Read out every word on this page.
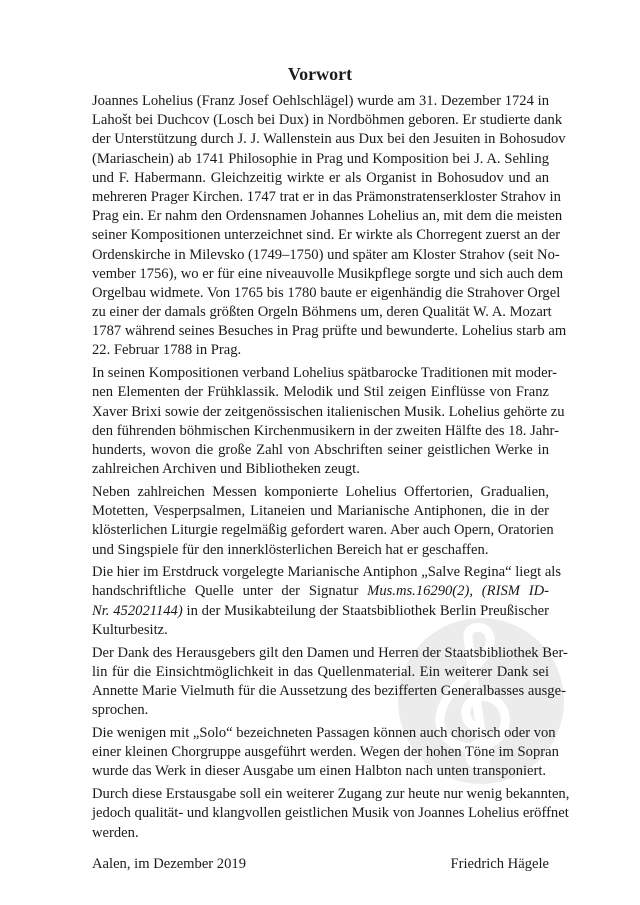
Vorwort
Joannes Lohelius (Franz Josef Oehlschlägel) wurde am 31. Dezember 1724 in
Lahošt bei Duchcov (Losch bei Dux) in Nordböhmen geboren. Er studierte dank
der Unterstützung durch J. J. Wallenstein aus Dux bei den Jesuiten in Bohosudov
(Mariaschein) ab 1741 Philosophie in Prag und Komposition bei J. A. Sehling
und F. Habermann. Gleichzeitig wirkte er als Organist in Bohosudov und an
mehreren Prager Kirchen. 1747 trat er in das Prämonstratenserkloster Strahov in
Prag ein. Er nahm den Ordensnamen Johannes Lohelius an, mit dem die meisten
seiner Kompositionen unterzeichnet sind. Er wirkte als Chorregent zuerst an der
Ordenskirche in Milevsko (1749–1750) und später am Kloster Strahov (seit No-
vember 1756), wo er für eine niveauvolle Musikpflege sorgte und sich auch dem
Orgelbau widmete. Von 1765 bis 1780 baute er eigenhändig die Strahover Orgel
zu einer der damals größten Orgeln Böhmens um, deren Qualität W. A. Mozart
1787 während seines Besuches in Prag prüfte und bewunderte. Lohelius starb am
22. Februar 1788 in Prag.
In seinen Kompositionen verband Lohelius spätbarocke Traditionen mit moder-
nen Elementen der Frühklassik. Melodik und Stil zeigen Einflüsse von Franz
Xaver Brixi sowie der zeitgenössischen italienischen Musik. Lohelius gehörte zu
den führenden böhmischen Kirchenmusikern in der zweiten Hälfte des 18. Jahr-
hunderts, wovon die große Zahl von Abschriften seiner geistlichen Werke in
zahlreichen Archiven und Bibliotheken zeugt.
Neben zahlreichen Messen komponierte Lohelius Offertorien, Gradualien,
Motetten, Vesperpsalmen, Litaneien und Marianische Antiphonen, die in der
klösterlichen Liturgie regelmäßig gefordert waren. Aber auch Opern, Oratorien
und Singspiele für den innerklösterlichen Bereich hat er geschaffen.
Die hier im Erstdruck vorgelegte Marianische Antiphon „Salve Regina“ liegt als
handschriftliche Quelle unter der Signatur Mus.ms.16290(2), (RISM ID-
Nr. 452021144) in der Musikabteilung der Staatsbibliothek Berlin Preußischer
Kulturbesitz.
Der Dank des Herausgebers gilt den Damen und Herren der Staatsbibliothek Ber-
lin für die Einsichtmöglichkeit in das Quellenmaterial. Ein weiterer Dank sei
Annette Marie Vielmuth für die Aussetzung des bezifferten Generalbasses ausge-
sprochen.
Die wenigen mit „Solo“ bezeichneten Passagen können auch chorisch oder von
einer kleinen Chorgruppe ausgeführt werden. Wegen der hohen Töne im Sopran
wurde das Werk in dieser Ausgabe um einen Halbton nach unten transponiert.
Durch diese Erstausgabe soll ein weiterer Zugang zur heute nur wenig bekannten,
jedoch qualität- und klangvollen geistlichen Musik von Joannes Lohelius eröffnet
werden.
Aalen, im Dezember 2019	Friedrich Hägele
